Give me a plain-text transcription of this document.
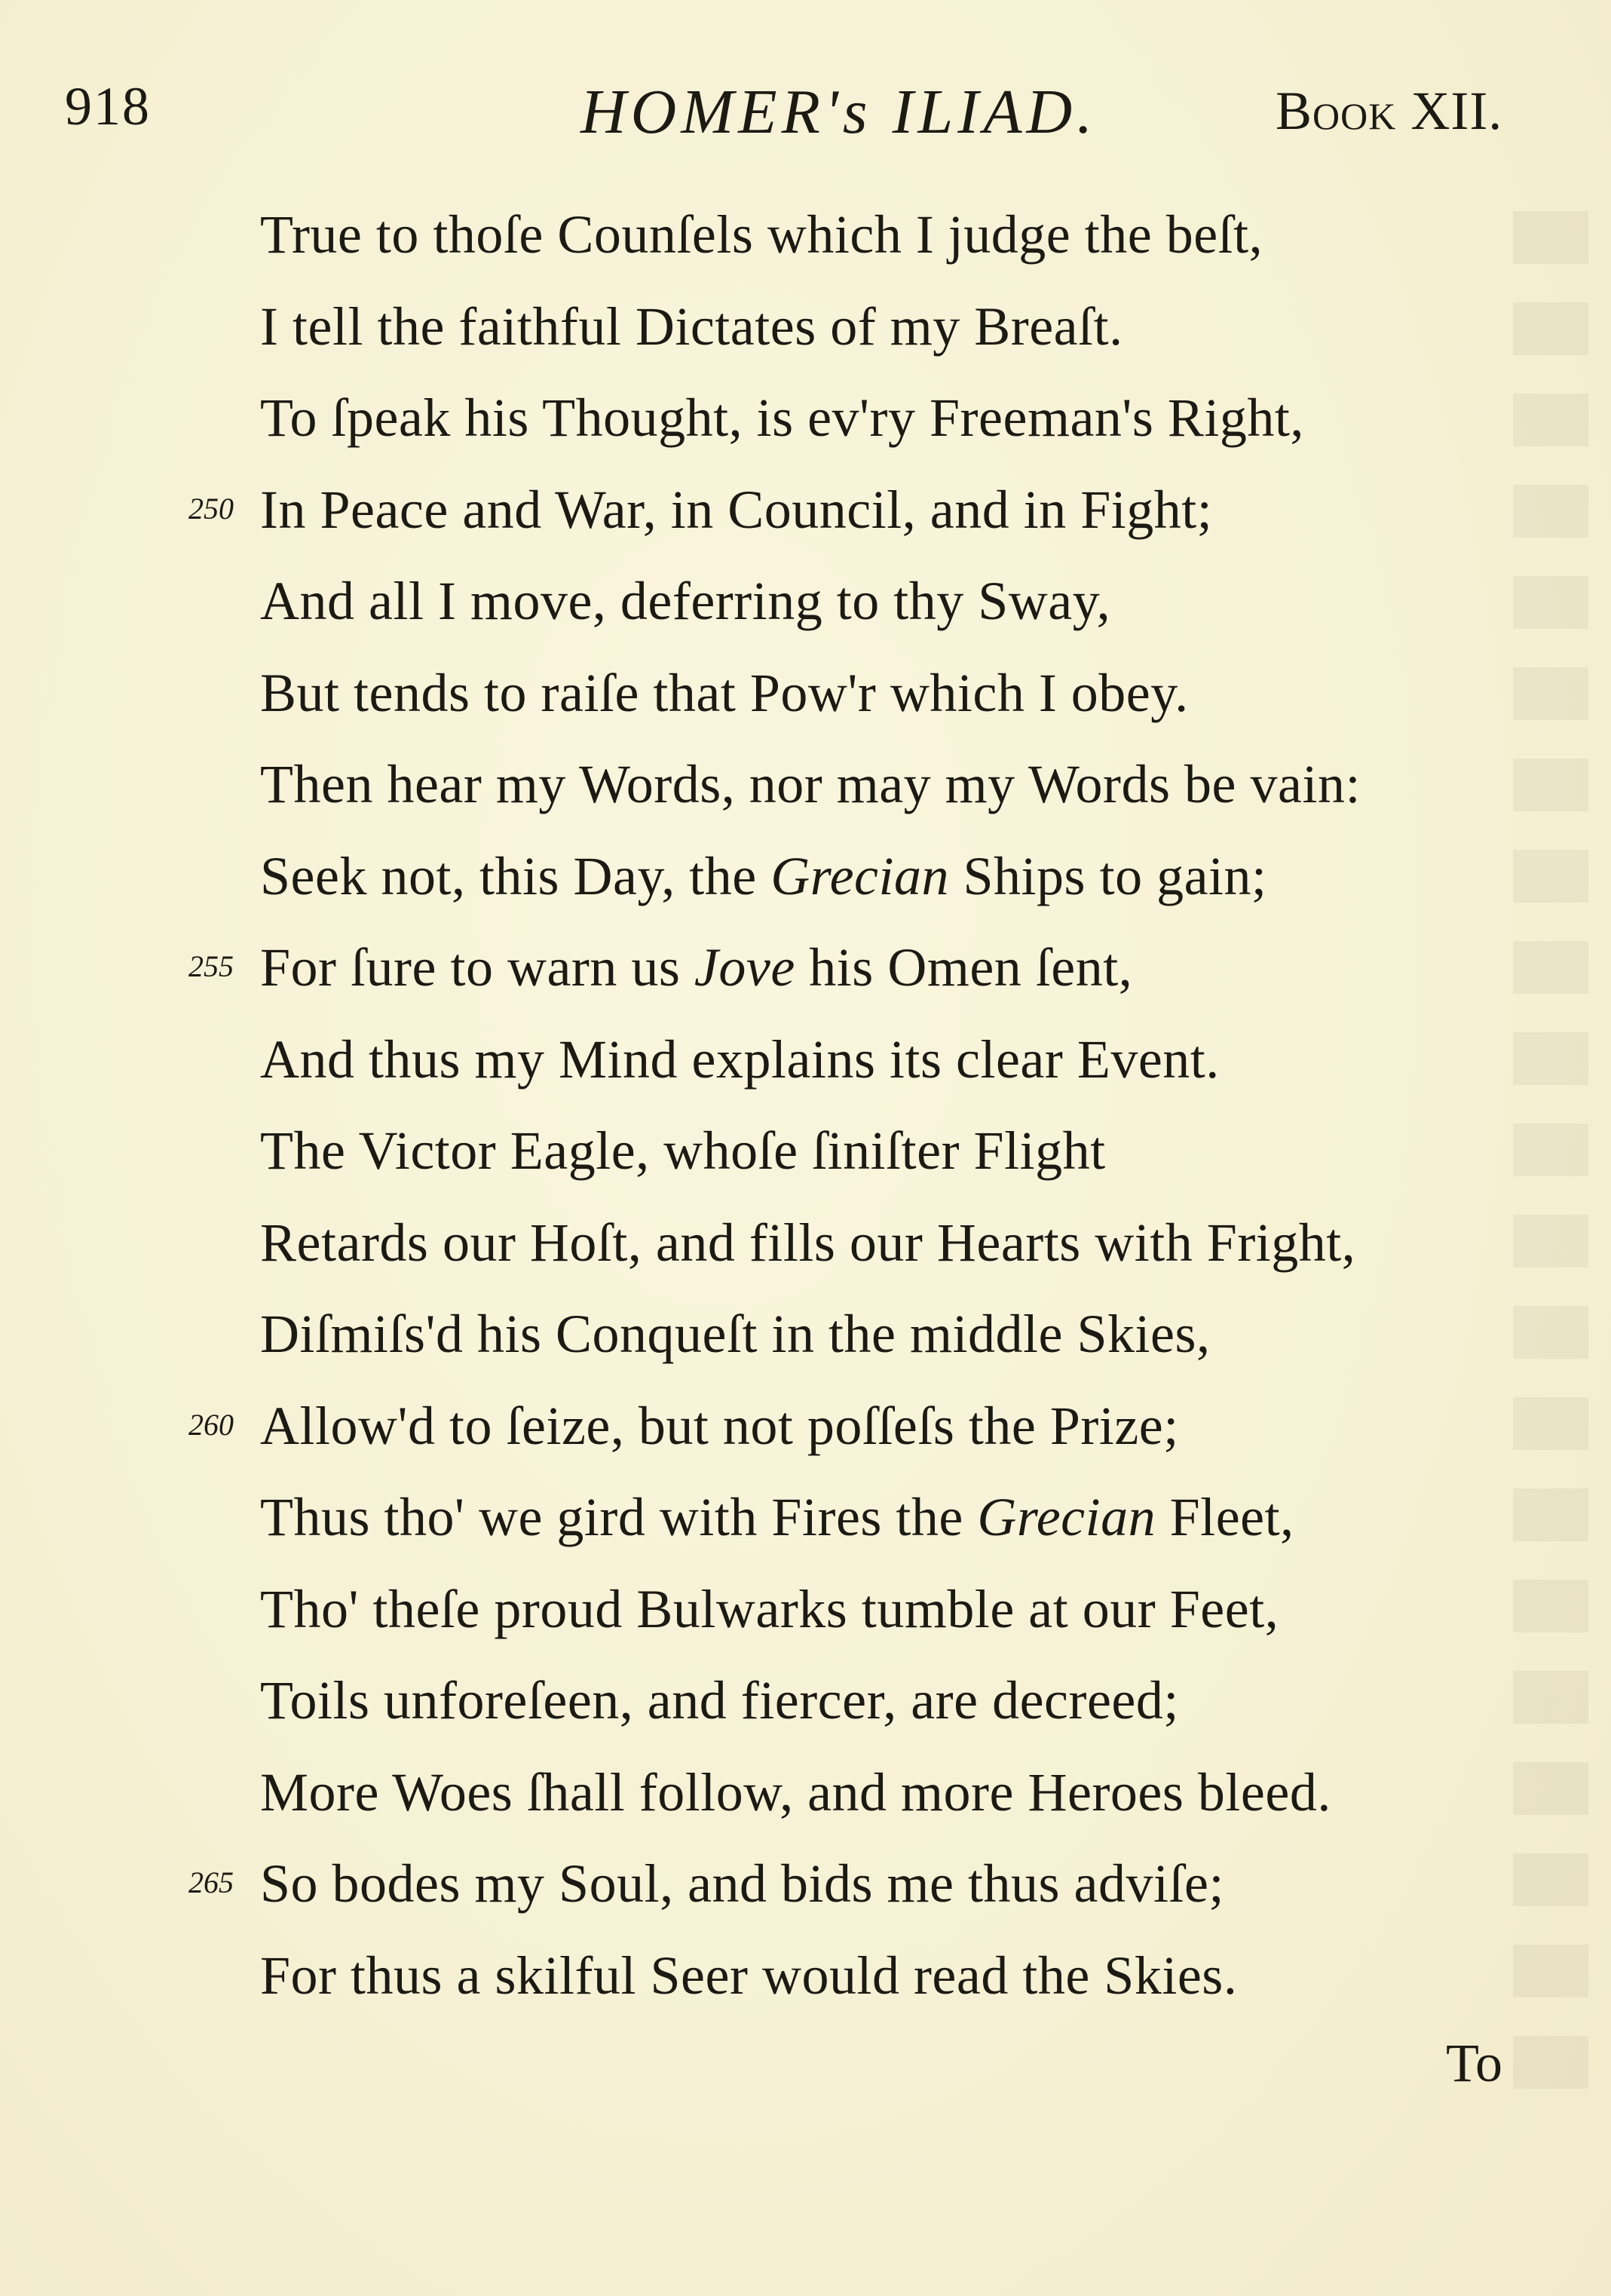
918	HOMER's ILIAD.	Book XII.
True to thoſe Counſels which I judge the beſt,
I tell the faithful Dictates of my Breaſt.
To ſpeak his Thought, is ev'ry Freeman's Right,
250 In Peace and War, in Council, and in Fight;
And all I move, deferring to thy Sway,
But tends to raiſe that Pow'r which I obey.
Then hear my Words, nor may my Words be vain:
Seek not, this Day, the Grecian Ships to gain;
255 For ſure to warn us Jove his Omen ſent,
And thus my Mind explains its clear Event.
The Victor Eagle, whoſe ſiniſter Flight
Retards our Hoſt, and fills our Hearts with Fright,
Diſmiſs'd his Conqueſt in the middle Skies,
260 Allow'd to ſeize, but not poſſeſs the Prize;
Thus tho' we gird with Fires the Grecian Fleet,
Tho' theſe proud Bulwarks tumble at our Feet,
Toils unforeſeen, and fiercer, are decreed;
More Woes ſhall follow, and more Heroes bleed.
265 So bodes my Soul, and bids me thus adviſe;
For thus a skilful Seer would read the Skies.
To
